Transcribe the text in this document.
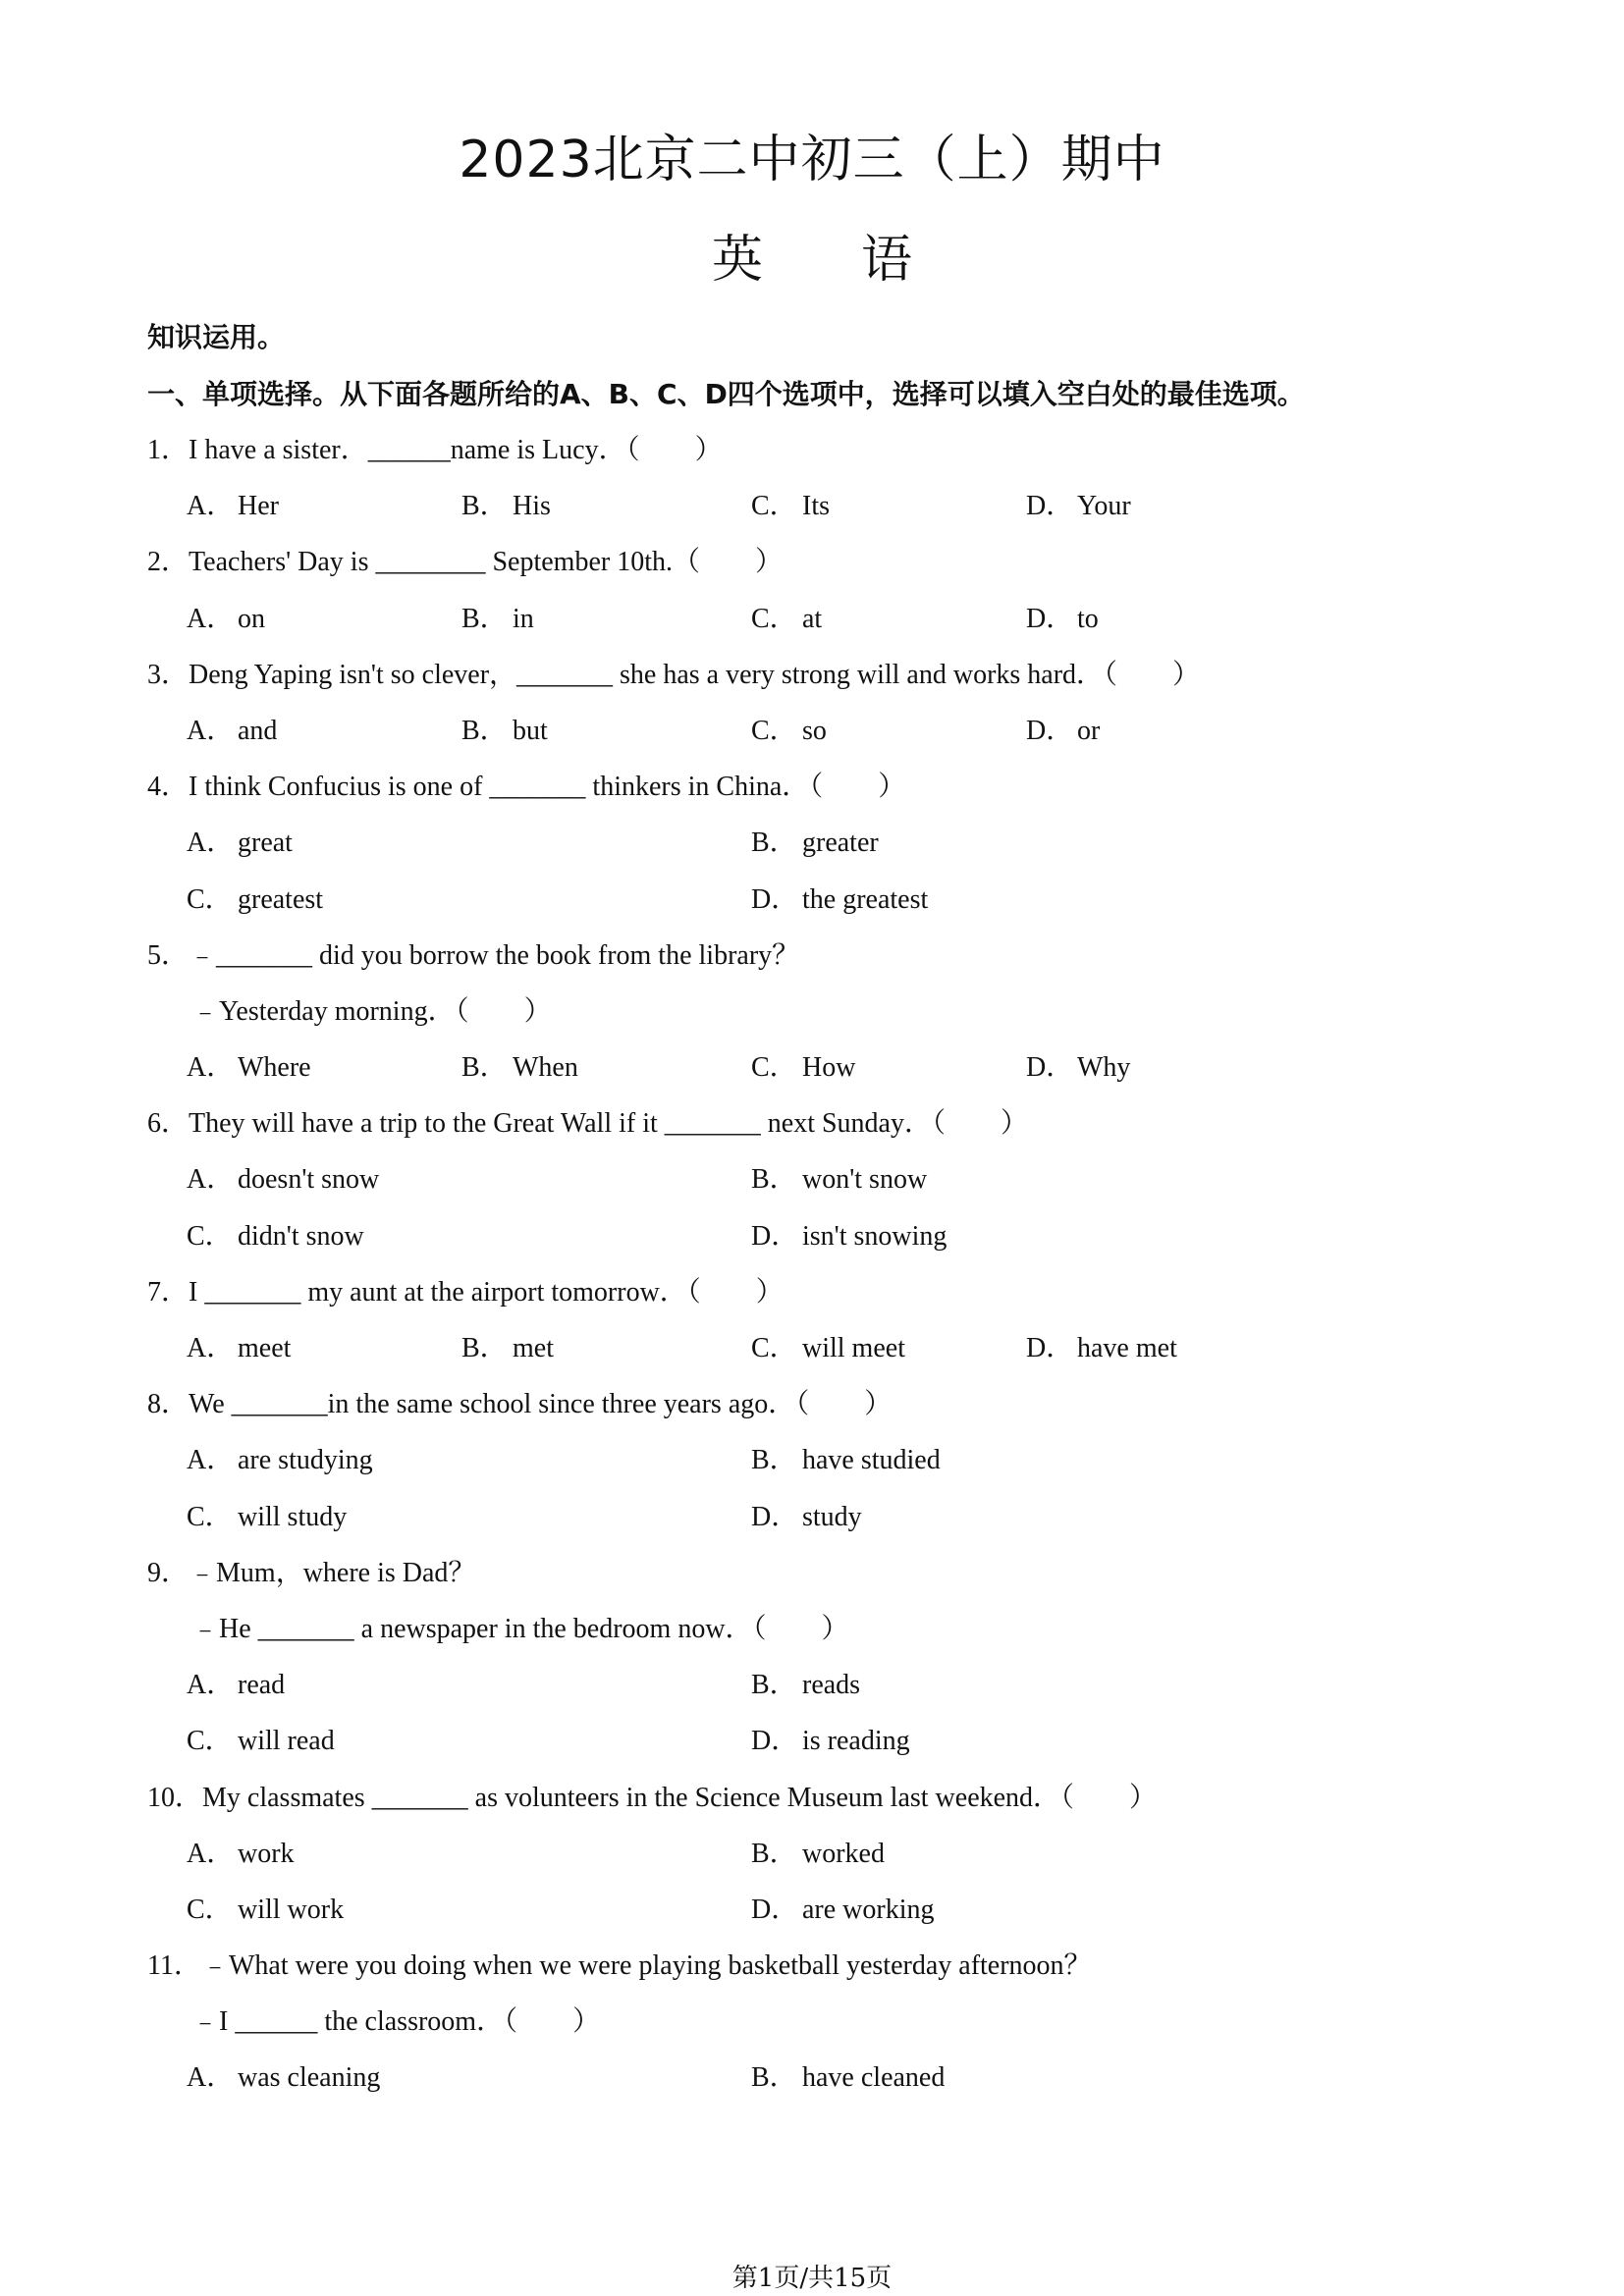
2023北京二中初三（上）期中
英 语
知识运用。
一、单项选择。从下面各题所给的A、B、C、D四个选项中，选择可以填入空白处的最佳选项。
1．I have a sister．______name is Lucy．（　　）
A． Her	B． His	C． Its	D． Your
2．Teachers' Day is ________ September 10th.（　　）
A． on	B． in	C． at	D． to
3．Deng Yaping isn't so clever，_______ she has a very strong will and works hard．（　　）
A． and	B． but	C． so	D． or
4．I think Confucius is one of _______ thinkers in China．（　　）
A． great	B． greater
C． greatest	D． the greatest
5．﹣_______ did you borrow the book from the library？
﹣Yesterday morning．（　　）
A． Where	B． When	C． How	D． Why
6．They will have a trip to the Great Wall if it _______ next Sunday．（　　）
A． doesn't snow	B． won't snow
C． didn't snow	D． isn't snowing
7．I _______ my aunt at the airport tomorrow．（　　）
A． meet	B． met	C． will meet	D． have met
8．We _______in the same school since three years ago．（　　）
A． are studying	B． have studied
C． will study	D． study
9．﹣Mum，where is Dad？
﹣He _______ a newspaper in the bedroom now．（　　）
A． read	B． reads
C． will read	D． is reading
10．My classmates _______ as volunteers in the Science Museum last weekend．（　　）
A． work	B． worked
C． will work	D． are working
11．﹣What were you doing when we were playing basketball yesterday afternoon？
﹣I ______ the classroom．（　　）
A． was cleaning	B． have cleaned
第1页/共15页
